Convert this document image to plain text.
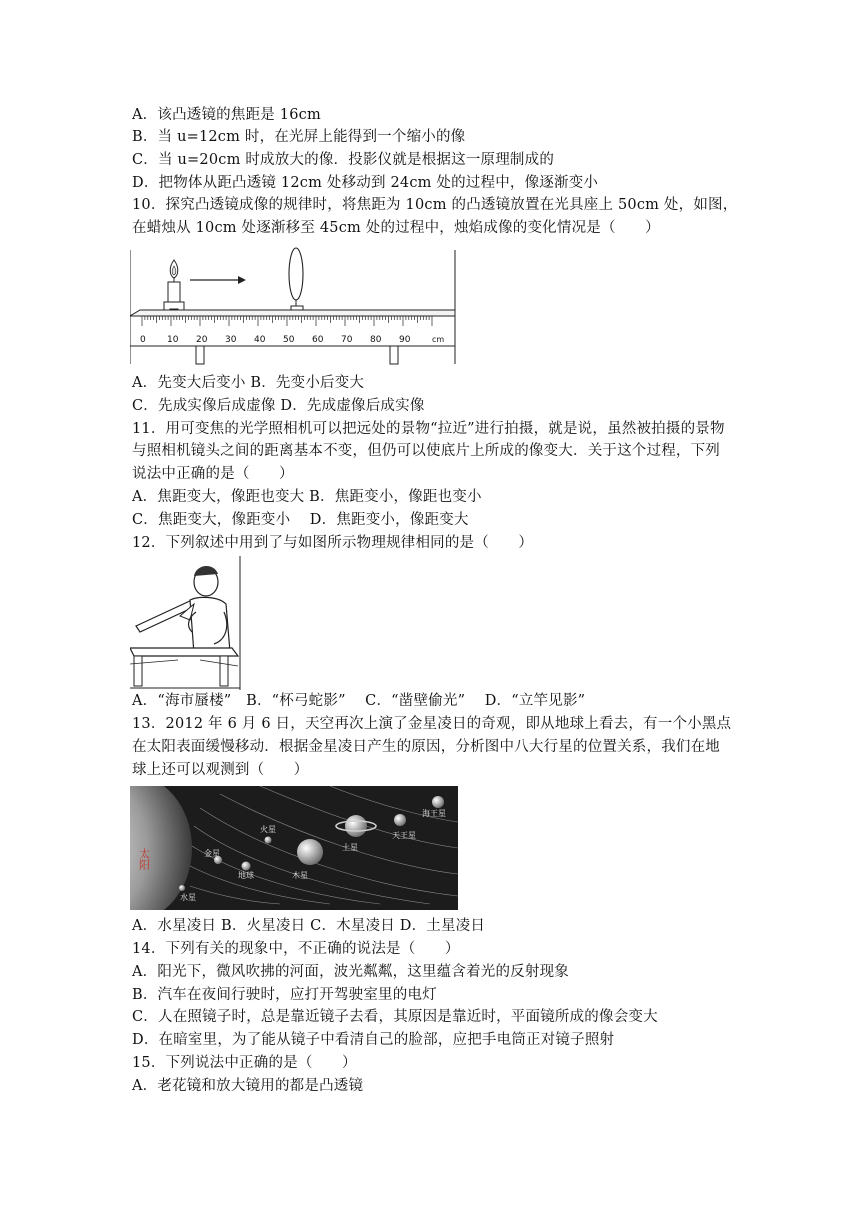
A．该凸透镜的焦距是 16cm
B．当 u=12cm 时，在光屏上能得到一个缩小的像
C．当 u=20cm 时成放大的像．投影仪就是根据这一原理制成的
D．把物体从距凸透镜 12cm 处移动到 24cm 处的过程中，像逐渐变小
10．探究凸透镜成像的规律时，将焦距为 10cm 的凸透镜放置在光具座上 50cm 处，如图，
在蜡烛从 10cm 处逐渐移至 45cm 处的过程中，烛焰成像的变化情况是（　　）
0 10 20 30 40 50 60 70 80 90	cm
A．先变大后变小 B．先变小后变大
C．先成实像后成虚像 D．先成虚像后成实像
11．用可变焦的光学照相机可以把远处的景物“拉近”进行拍摄，就是说，虽然被拍摄的景物
与照相机镜头之间的距离基本不变，但仍可以使底片上所成的像变大．关于这个过程，下列
说法中正确的是（　　）
A．焦距变大，像距也变大 B．焦距变小，像距也变小
C．焦距变大，像距变小　 D．焦距变小，像距变大
12．下列叙述中用到了与如图所示物理规律相同的是（　　）
A．“海市蜃楼”　B．“杯弓蛇影”　 C．“凿壁偷光”　 D．“立竿见影”
13．2012 年 6 月 6 日，天空再次上演了金星凌日的奇观，即从地球上看去，有一个小黑点
在太阳表面缓慢移动．根据金星凌日产生的原因，分析图中八大行星的位置关系，我们在地
球上还可以观测到（　　）
太阳
水星
金星
地球
火星
木星
土星
天王星
海王星
A．水星凌日 B．火星凌日 C．木星凌日 D．土星凌日
14．下列有关的现象中，不正确的说法是（　　）
A．阳光下，微风吹拂的河面，波光粼粼，这里蕴含着光的反射现象
B．汽车在夜间行驶时，应打开驾驶室里的电灯
C．人在照镜子时，总是靠近镜子去看，其原因是靠近时，平面镜所成的像会变大
D．在暗室里，为了能从镜子中看清自己的脸部，应把手电筒正对镜子照射
15．下列说法中正确的是（　　）
A．老花镜和放大镜用的都是凸透镜
